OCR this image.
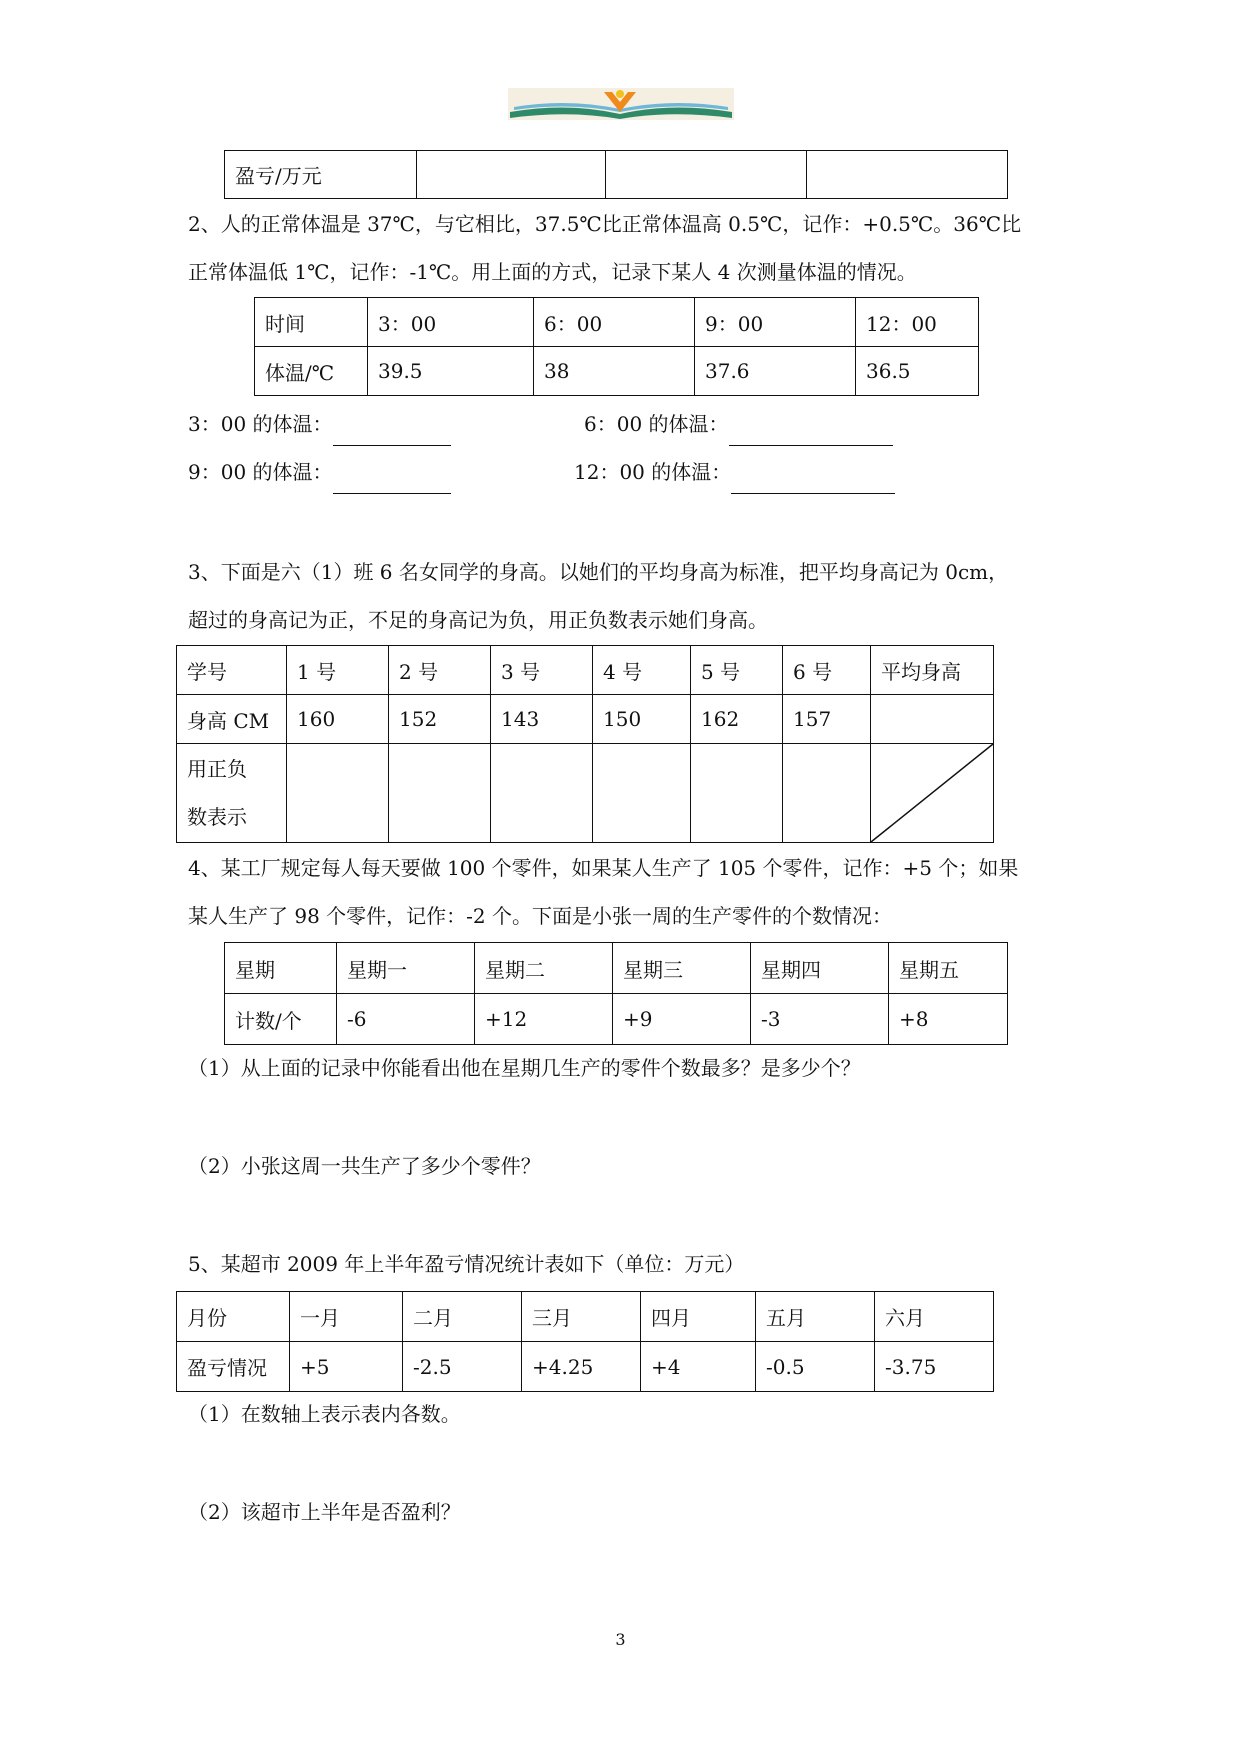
盈亏/万元			
2、人的正常体温是 37℃，与它相比，37.5℃比正常体温高 0.5℃，记作：+0.5℃。36℃比
正常体温低 1℃，记作：-1℃。用上面的方式，记录下某人 4 次测量体温的情况。
时间	3：00	6：00	9：00	12：00
体温/℃	39.5	38	37.6	36.5
3：00 的体温：	6：00 的体温：
9：00 的体温：	12：00 的体温：
3、下面是六（1）班 6 名女同学的身高。以她们的平均身高为标准，把平均身高记为 0cm，
超过的身高记为正，不足的身高记为负，用正负数表示她们身高。
学号	1 号	2 号	3 号	4 号	5 号	6 号	平均身高
身高 CM	160	152	143	150	162	157	
用正负
数表示							
4、某工厂规定每人每天要做 100 个零件，如果某人生产了 105 个零件，记作：+5 个；如果
某人生产了 98 个零件，记作：-2 个。下面是小张一周的生产零件的个数情况：
星期	星期一	星期二	星期三	星期四	星期五
计数/个	-6	+12	+9	-3	+8
（1）从上面的记录中你能看出他在星期几生产的零件个数最多？是多少个？
（2）小张这周一共生产了多少个零件？
5、某超市 2009 年上半年盈亏情况统计表如下（单位：万元）
月份	一月	二月	三月	四月	五月	六月
盈亏情况	+5	-2.5	+4.25	+4	-0.5	-3.75
（1）在数轴上表示表内各数。
（2）该超市上半年是否盈利？
3
